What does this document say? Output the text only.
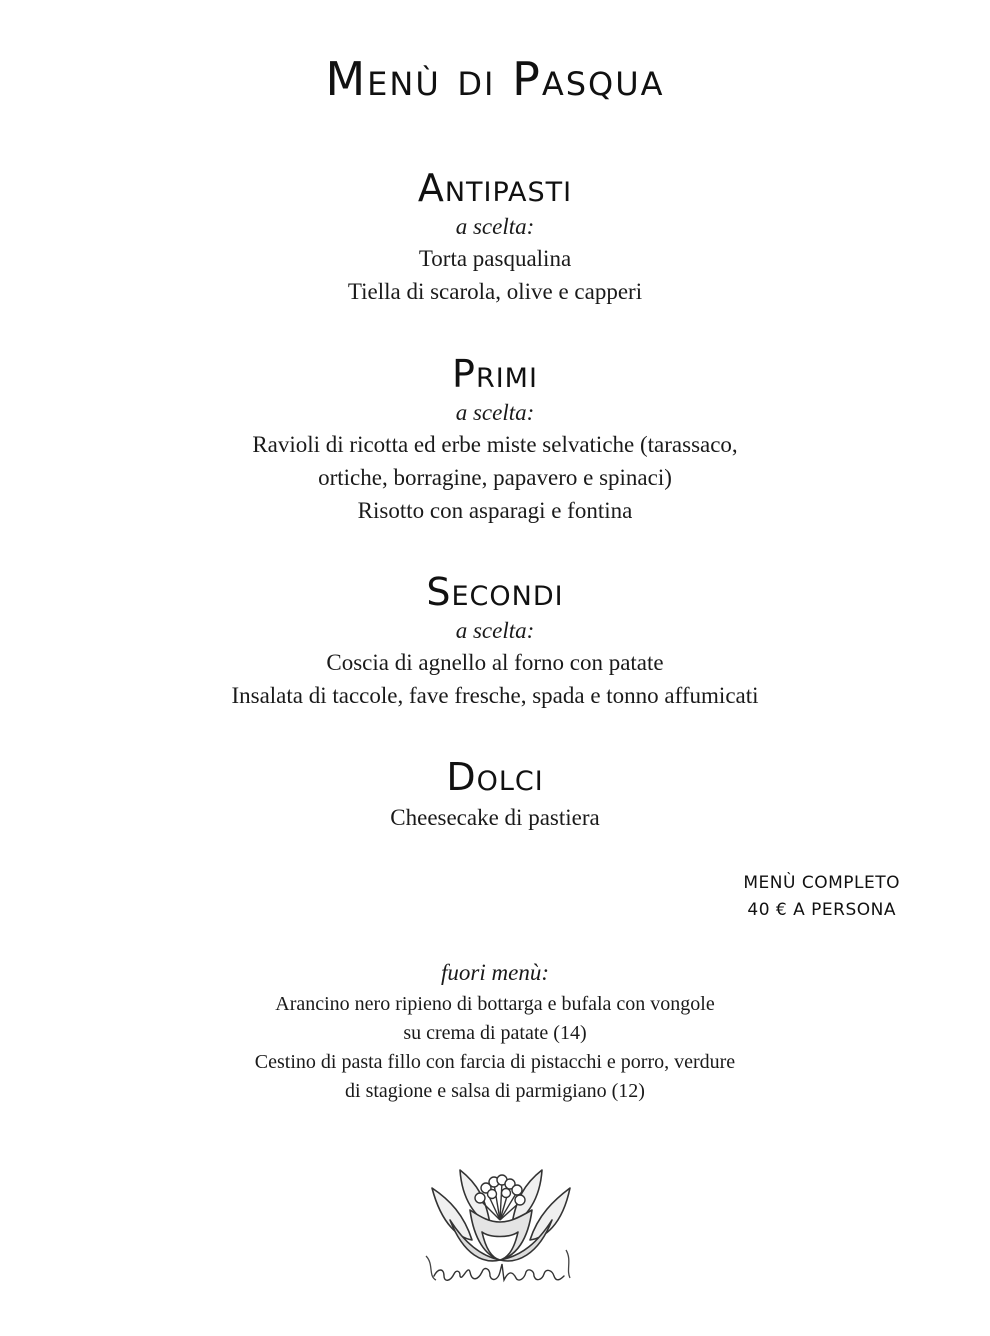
Menù di Pasqua
Antipasti
a scelta:
Torta pasqualina
Tiella di scarola, olive e capperi
Primi
a scelta:
Ravioli di ricotta ed erbe miste selvatiche (tarassaco,
ortiche, borragine, papavero e spinaci)
Risotto con asparagi e fontina
Secondi
a scelta:
Coscia di agnello al forno con patate
Insalata di taccole, fave fresche, spada e tonno affumicati
Dolci
Cheesecake di pastiera
MENÙ COMPLETO
40 € A PERSONA
fuori menù:
Arancino nero ripieno di bottarga e bufala con vongole
su crema di patate (14)
Cestino di pasta fillo con farcia di pistacchi e porro, verdure
di stagione e salsa di parmigiano (12)
